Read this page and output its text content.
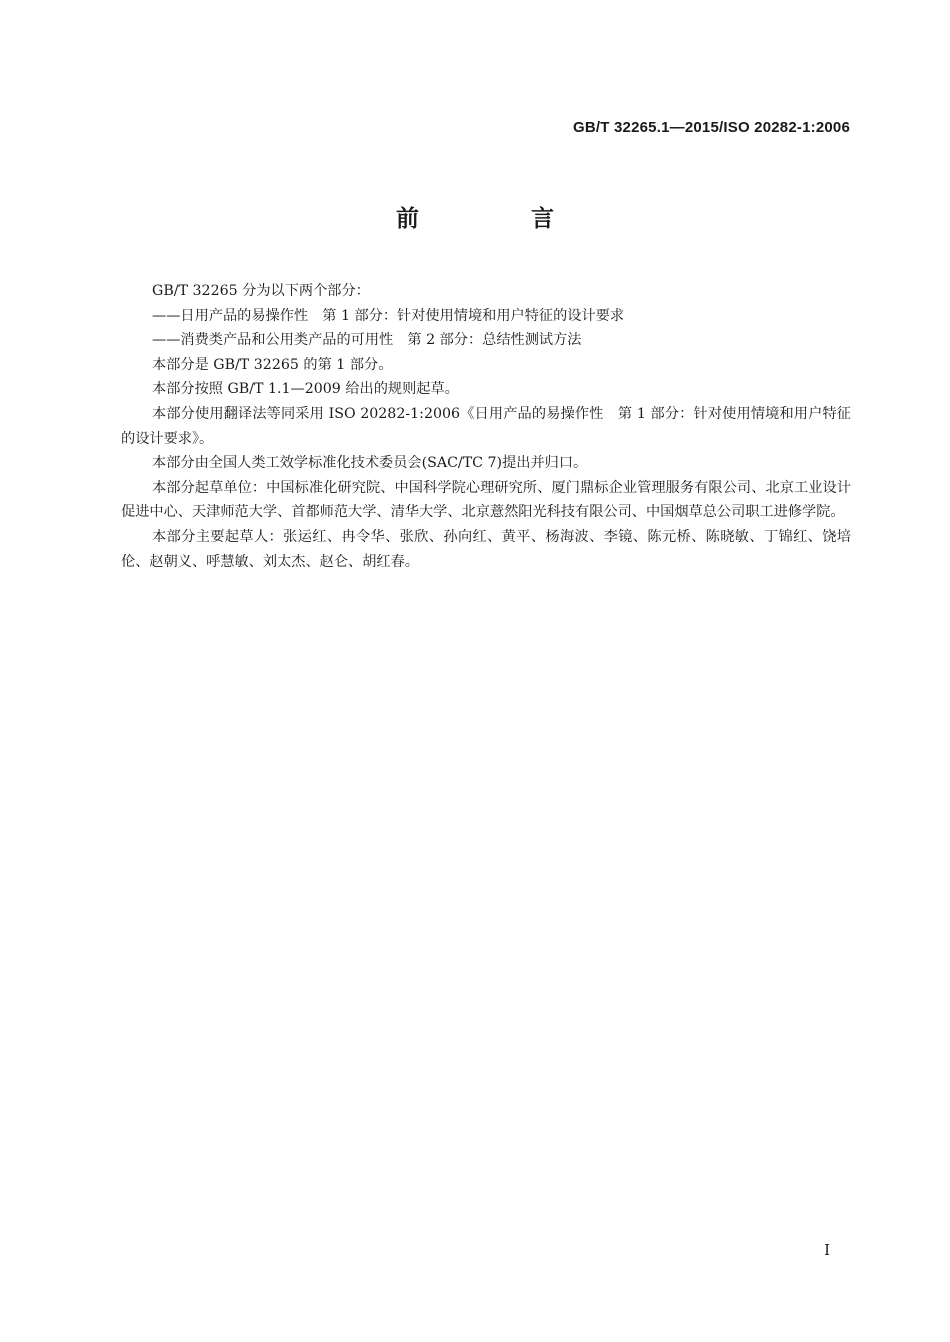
GB/T 32265.1—2015/ISO 20282-1:2006
前 言

GB/T 32265 分为以下两个部分：

——日用产品的易操作性　第 1 部分：针对使用情境和用户特征的设计要求

——消费类产品和公用类产品的可用性　第 2 部分：总结性测试方法

本部分是 GB/T 32265 的第 1 部分。

本部分按照 GB/T 1.1—2009 给出的规则起草。

本部分使用翻译法等同采用 ISO 20282-1:2006《日用产品的易操作性　第 1 部分：针对使用情境和用户特征的设计要求》。

本部分由全国人类工效学标准化技术委员会(SAC/TC 7)提出并归口。

本部分起草单位：中国标准化研究院、中国科学院心理研究所、厦门鼎标企业管理服务有限公司、北京工业设计促进中心、天津师范大学、首都师范大学、清华大学、北京薏然阳光科技有限公司、中国烟草总公司职工进修学院。

本部分主要起草人：张运红、冉令华、张欣、孙向红、黄平、杨海波、李镜、陈元桥、陈晓敏、丁锦红、饶培伦、赵朝义、呼慧敏、刘太杰、赵仑、胡红春。

I
